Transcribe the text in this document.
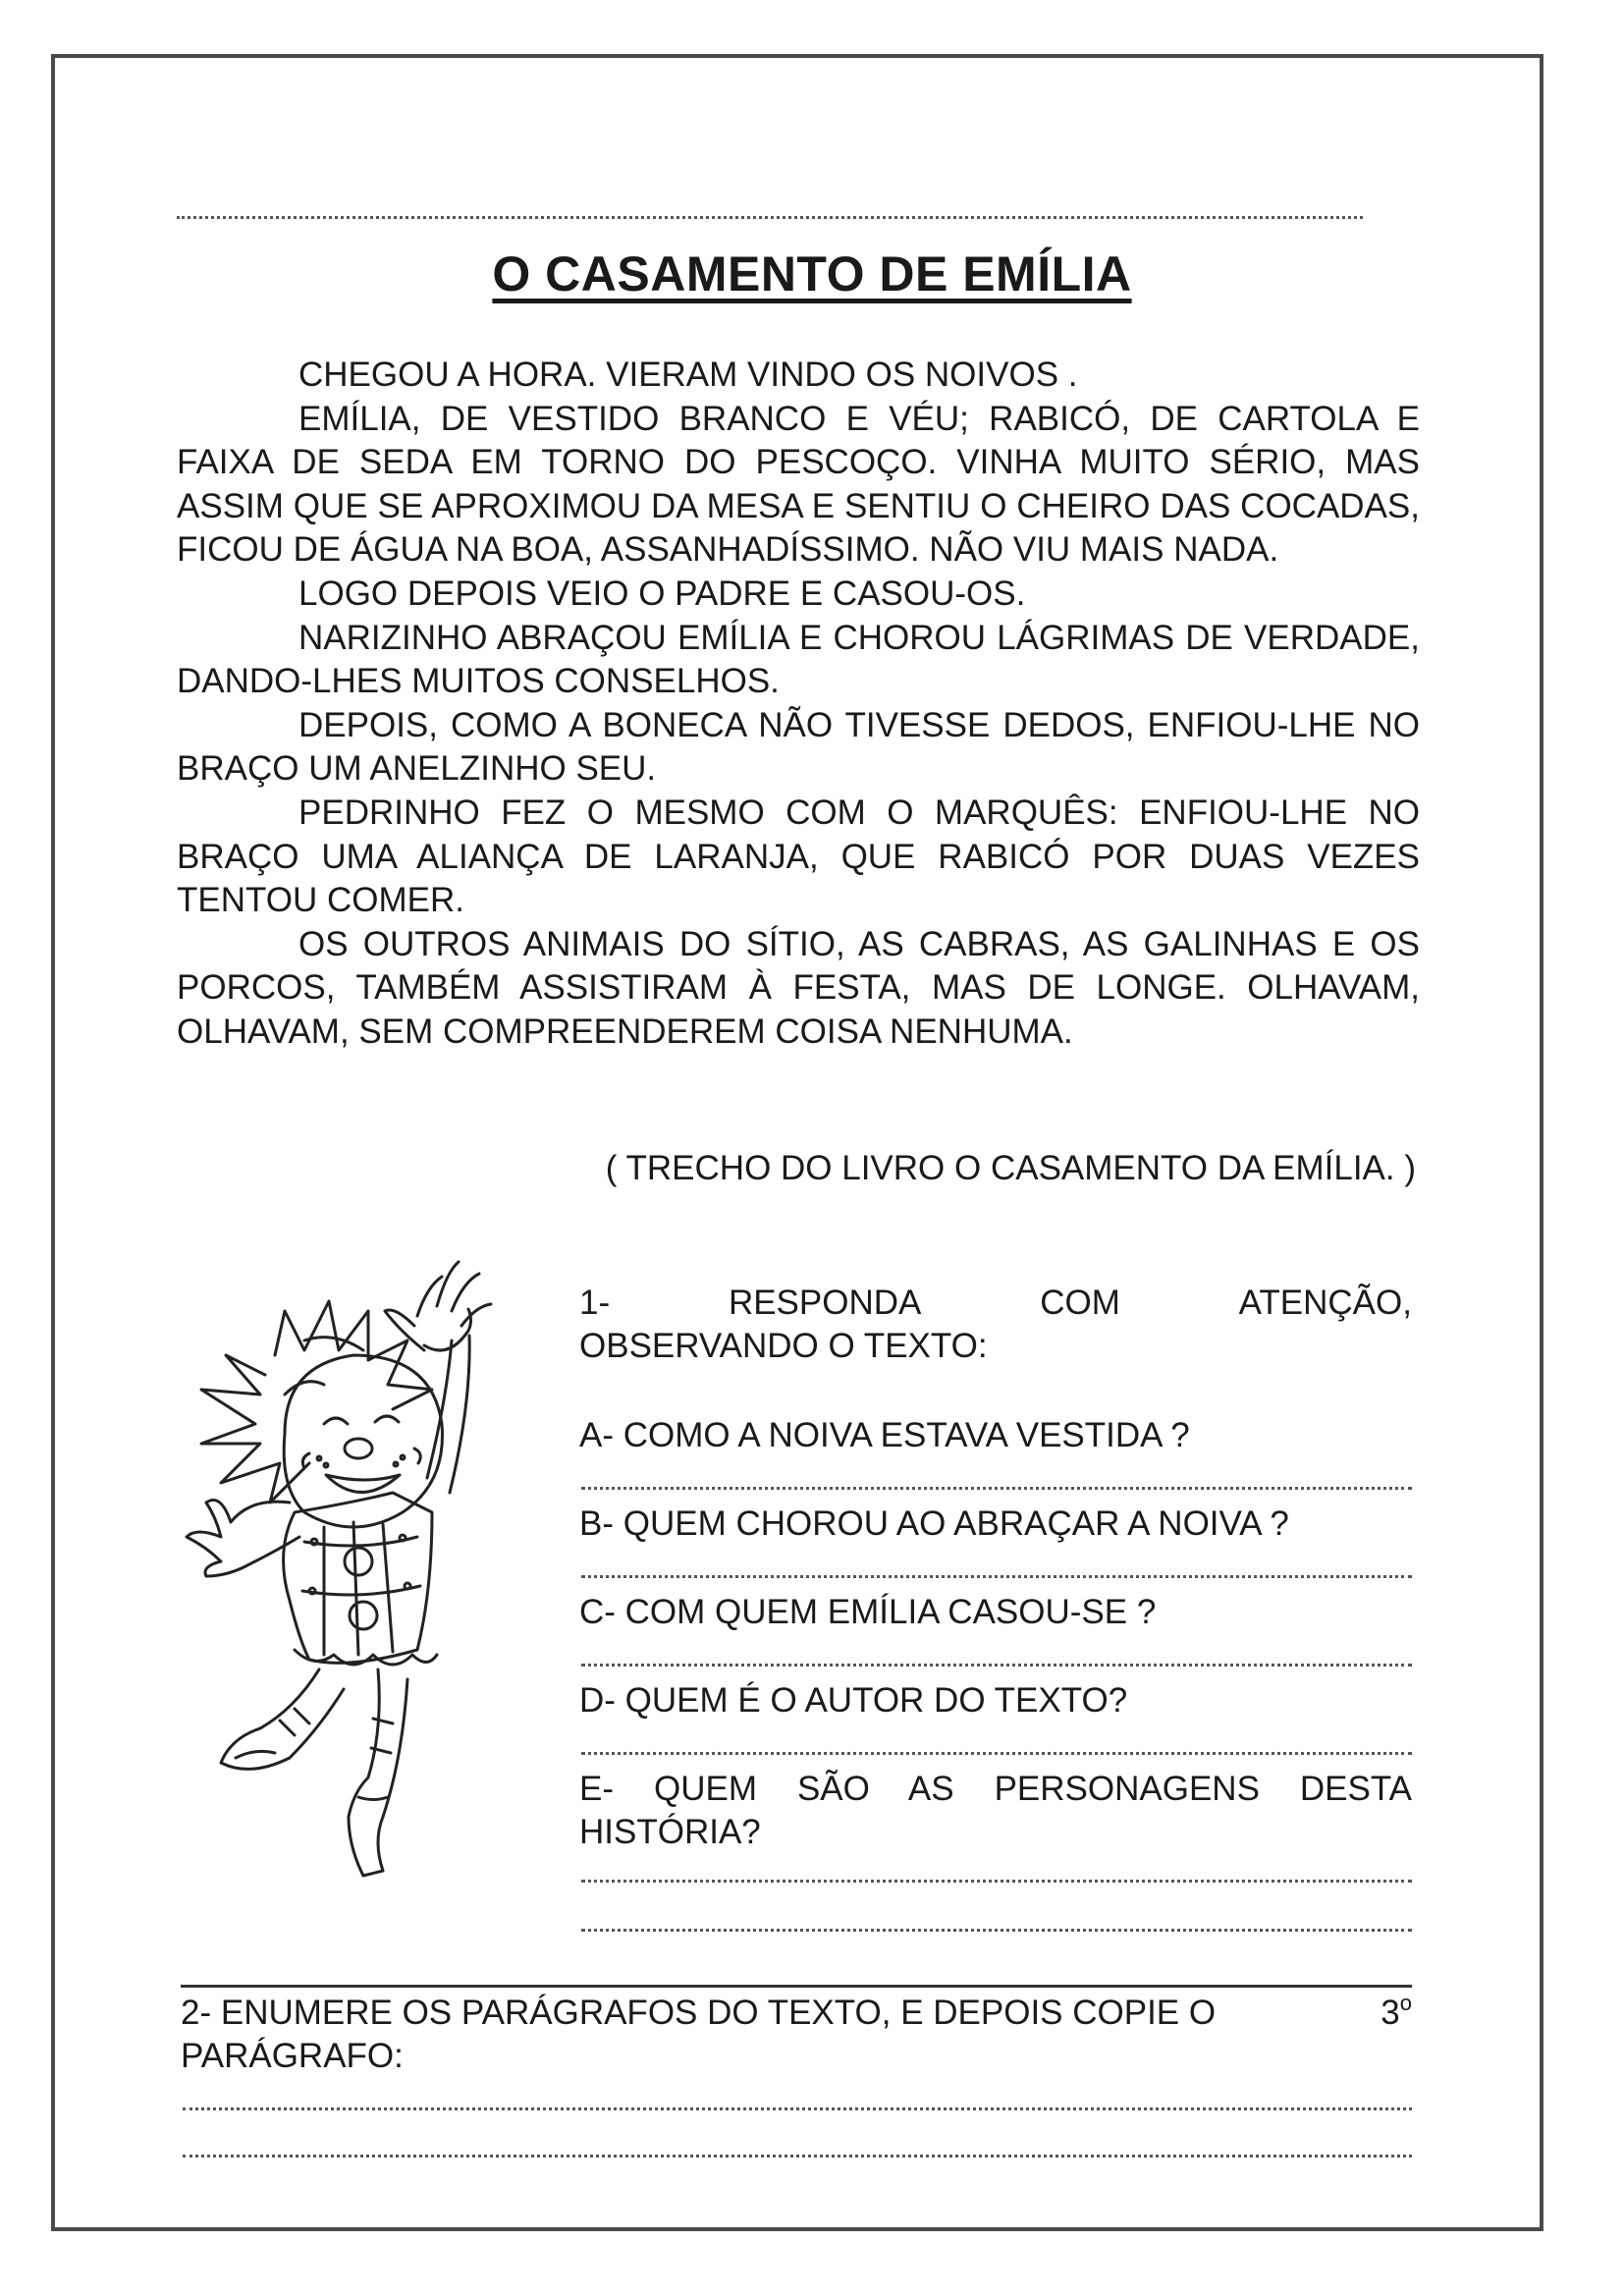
O CASAMENTO DE EMÍLIA

CHEGOU A HORA. VIERAM VINDO OS NOIVOS .

EMÍLIA, DE VESTIDO BRANCO E VÉU; RABICÓ, DE CARTOLA E FAIXA DE SEDA EM TORNO DO PESCOÇO. VINHA MUITO SÉRIO, MAS ASSIM QUE SE APROXIMOU DA MESA E SENTIU O CHEIRO DAS COCADAS, FICOU DE ÁGUA NA BOA, ASSANHADÍSSIMO. NÃO VIU MAIS NADA.

LOGO DEPOIS VEIO O PADRE E CASOU-OS.

NARIZINHO ABRAÇOU EMÍLIA E CHOROU LÁGRIMAS DE VERDADE, DANDO-LHES MUITOS CONSELHOS.

DEPOIS, COMO A BONECA NÃO TIVESSE DEDOS, ENFIOU-LHE NO BRAÇO UM ANELZINHO SEU.

PEDRINHO FEZ O MESMO COM O MARQUÊS: ENFIOU-LHE NO BRAÇO UMA ALIANÇA DE LARANJA, QUE RABICÓ POR DUAS VEZES TENTOU COMER.

OS OUTROS ANIMAIS DO SÍTIO, AS CABRAS, AS GALINHAS E OS PORCOS, TAMBÉM ASSISTIRAM À FESTA, MAS DE LONGE. OLHAVAM, OLHAVAM, SEM COMPREENDEREM COISA NENHUMA.

( TRECHO DO LIVRO O CASAMENTO DA EMÍLIA. )
1-	RESPONDA	COM	ATENÇÃO,
OBSERVANDO O TEXTO:
A- COMO A NOIVA ESTAVA VESTIDA ?
B- QUEM CHOROU AO ABRAÇAR A NOIVA ?
C- COM QUEM EMÍLIA CASOU-SE ?
D- QUEM É O AUTOR DO TEXTO?
E- QUEM SÃO AS PERSONAGENS DESTA HISTÓRIA?
2- ENUMERE OS PARÁGRAFOS DO TEXTO, E DEPOIS COPIE O	3$^o$
PARÁGRAFO:
